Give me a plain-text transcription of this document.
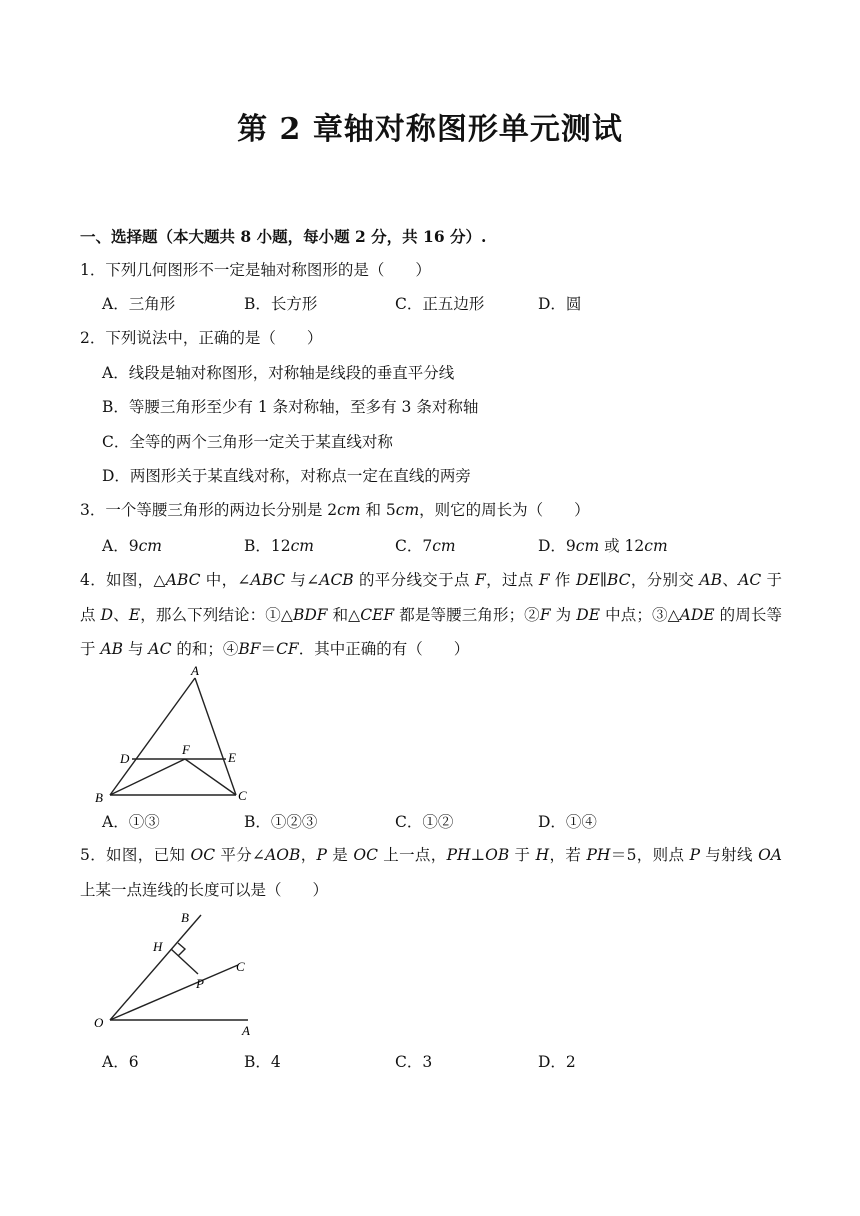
第 2 章轴对称图形单元测试
一、选择题（本大题共 8 小题，每小题 2 分，共 16 分）.
1．下列几何图形不一定是轴对称图形的是（　　）
A．三角形	B．长方形	C．正五边形	D．圆
2．下列说法中，正确的是（　　）
A．线段是轴对称图形，对称轴是线段的垂直平分线
B．等腰三角形至少有 1 条对称轴，至多有 3 条对称轴
C．全等的两个三角形一定关于某直线对称
D．两图形关于某直线对称，对称点一定在直线的两旁
3．一个等腰三角形的两边长分别是 2cm 和 5cm，则它的周长为（　　）
A．9cm	B．12cm	C．7cm	D．9cm 或 12cm
4．如图，△ABC 中，∠ABC 与∠ACB 的平分线交于点 F，过点 F 作 DE∥BC，分别交 AB、AC 于点 D、E，那么下列结论：①△BDF 和△CEF 都是等腰三角形；②F 为 DE 中点；③△ADE 的周长等于 AB 与 AC 的和；④BF＝CF．其中正确的有（　　）
A
B	C
D	E
F
A．①③	B．①②③	C．①②	D．①④
5．如图，已知 OC 平分∠AOB，P 是 OC 上一点，PH⊥OB 于 H，若 PH＝5，则点 P 与射线 OA 上某一点连线的长度可以是（　　）
B
H
C
P
O
A
A．6	B．4	C．3	D．2
